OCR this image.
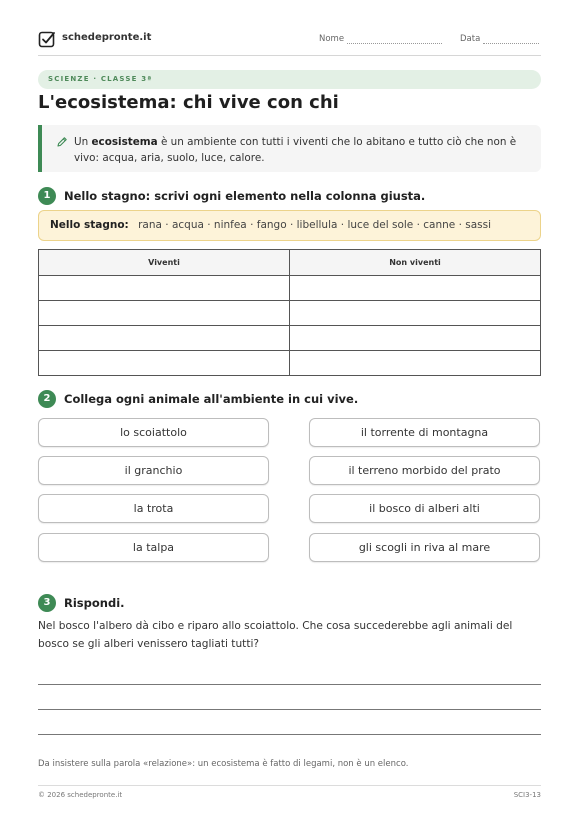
schedepronte.it	Nome	Data
SCIENZE · CLASSE 3ª
L'ecosistema: chi vive con chi
Un ecosistema è un ambiente con tutti i viventi che lo abitano e tutto ciò che non è vivo: acqua, aria, suolo, luce, calore.
1	Nello stagno: scrivi ogni elemento nella colonna giusta.
Nello stagno: rana · acqua · ninfea · fango · libellula · luce del sole · canne · sassi
Viventi	Non viventi

2	Collega ogni animale all'ambiente in cui vive.
lo scoiattolo
il granchio
la trota
la talpa
il torrente di montagna
il terreno morbido del prato
il bosco di alberi alti
gli scogli in riva al mare
3	Rispondi.
Nel bosco l'albero dà cibo e riparo allo scoiattolo. Che cosa succederebbe agli animali del bosco se gli alberi venissero tagliati tutti?
Da insistere sulla parola «relazione»: un ecosistema è fatto di legami, non è un elenco.
© 2026 schedepronte.it	SCI3-13
